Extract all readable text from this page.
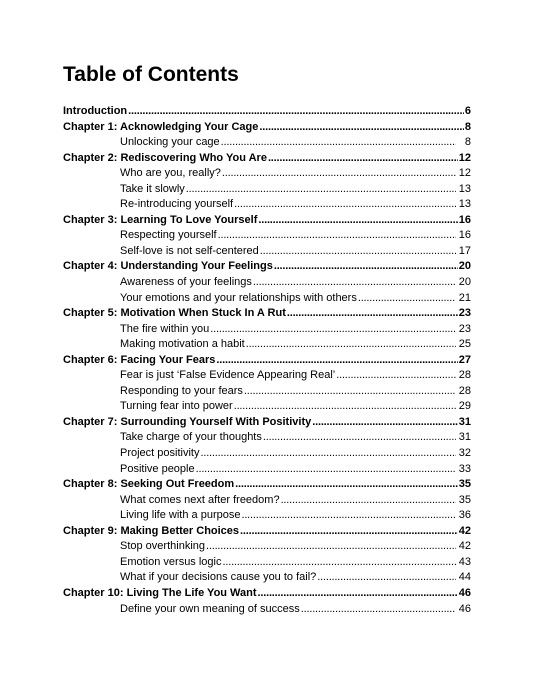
Table of Contents
Introduction .....	6
Chapter 1: Acknowledging Your Cage .....	8
Unlocking your cage .....	8
Chapter 2: Rediscovering Who You Are .....	12
Who are you, really? .....	12
Take it slowly .....	13
Re-introducing yourself .....	13
Chapter 3: Learning To Love Yourself .....	16
Respecting yourself .....	16
Self-love is not self-centered .....	17
Chapter 4: Understanding Your Feelings .....	20
Awareness of your feelings .....	20
Your emotions and your relationships with others .....	21
Chapter 5: Motivation When Stuck In A Rut .....	23
The fire within you .....	23
Making motivation a habit .....	25
Chapter 6: Facing Your Fears .....	27
Fear is just ‘False Evidence Appearing Real’ .....	28
Responding to your fears .....	28
Turning fear into power .....	29
Chapter 7: Surrounding Yourself With Positivity .....	31
Take charge of your thoughts .....	31
Project positivity .....	32
Positive people .....	33
Chapter 8: Seeking Out Freedom .....	35
What comes next after freedom? .....	35
Living life with a purpose .....	36
Chapter 9: Making Better Choices .....	42
Stop overthinking .....	42
Emotion versus logic .....	43
What if your decisions cause you to fail? .....	44
Chapter 10: Living The Life You Want .....	46
Define your own meaning of success .....	46
